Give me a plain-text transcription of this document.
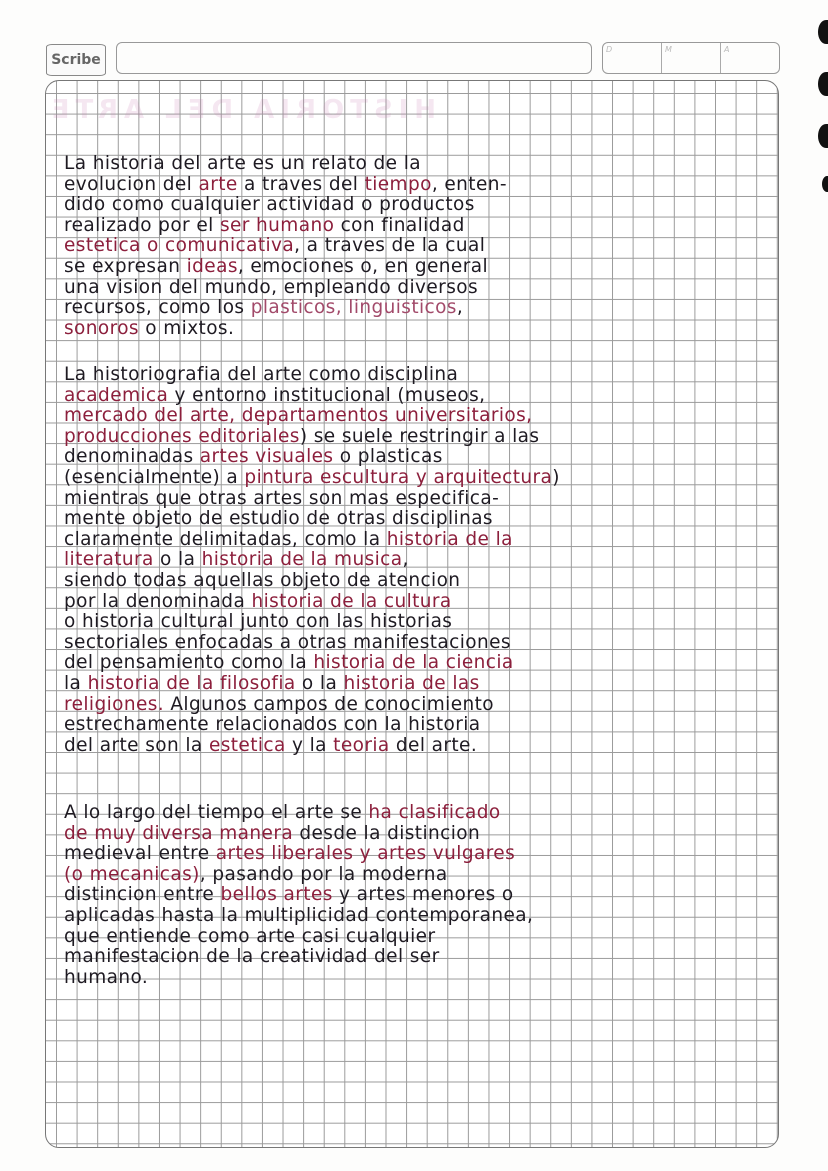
Scribe
D	M	A
HISTORIA DEL ARTE
La historia del arte es un relato de la
evolucion del arte a traves del tiempo, enten-
dido como cualquier actividad o productos
realizado por el ser humano con finalidad
estetica o comunicativa, a traves de la cual
se expresan ideas, emociones o, en general
una vision del mundo, empleando diversos
recursos, como los plasticos, linguisticos,
sonoros o mixtos.
La historiografia del arte como disciplina
academica y entorno institucional (museos,
mercado del arte, departamentos universitarios,
producciones editoriales) se suele restringir a las
denominadas artes visuales o plasticas
(esencialmente) a pintura escultura y arquitectura)
mientras que otras artes son mas especifica-
mente objeto de estudio de otras disciplinas
claramente delimitadas, como la historia de la
literatura o la historia de la musica,
siendo todas aquellas objeto de atencion
por la denominada historia de la cultura
o historia cultural junto con las historias
sectoriales enfocadas a otras manifestaciones
del pensamiento como la historia de la ciencia
la historia de la filosofia o la historia de las
religiones. Algunos campos de conocimiento
estrechamente relacionados con la historia
del arte son la estetica y la teoria del arte.
A lo largo del tiempo el arte se ha clasificado
de muy diversa manera desde la distincion
medieval entre artes liberales y artes vulgares
(o mecanicas), pasando por la moderna
distincion entre bellos artes y artes menores o
aplicadas hasta la multiplicidad contemporanea,
que entiende como arte casi cualquier
manifestacion de la creatividad del ser
humano.
